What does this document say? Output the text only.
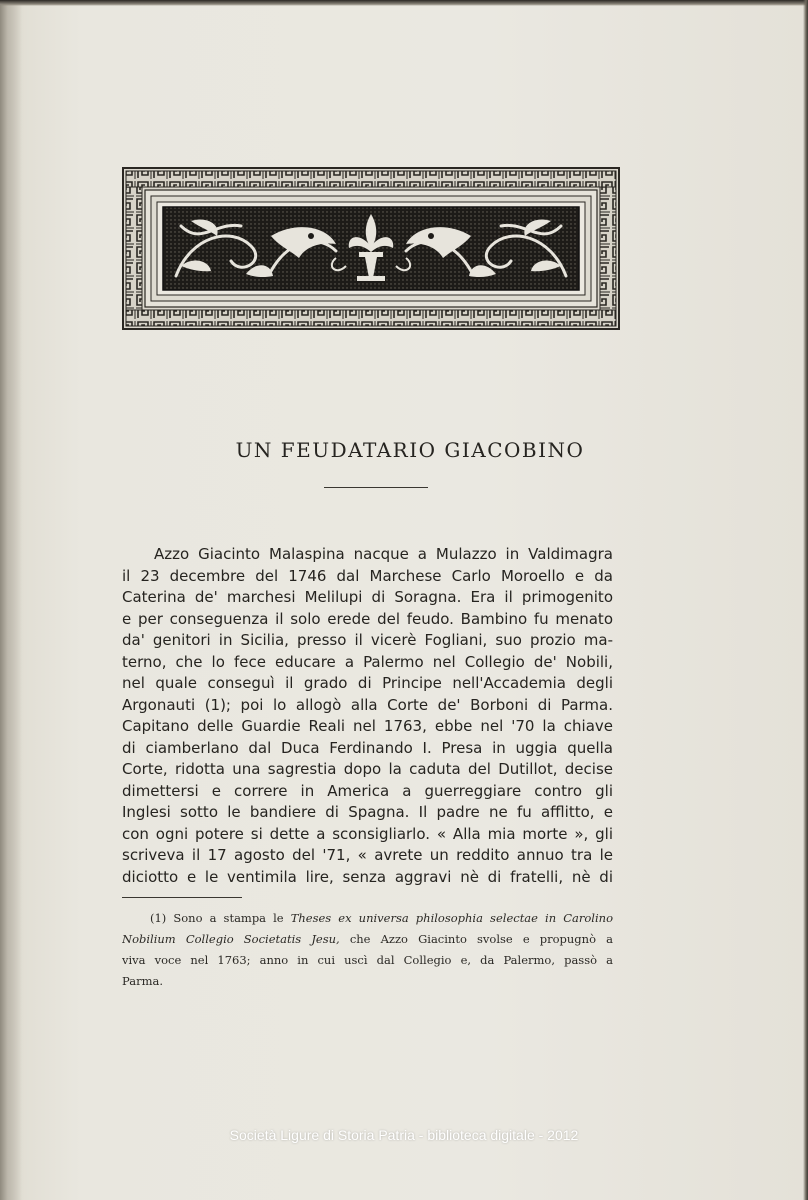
UN FEUDATARIO GIACOBINO
Azzo Giacinto Malaspina nacque a Mulazzo in Valdimagra
il 23 decembre del 1746 dal Marchese Carlo Moroello e da
Caterina de' marchesi Melilupi di Soragna. Era il primogenito
e per conseguenza il solo erede del feudo. Bambino fu menato
da' genitori in Sicilia, presso il vicerè Fogliani, suo prozio ma-
terno, che lo fece educare a Palermo nel Collegio de' Nobili,
nel quale conseguì il grado di Principe nell'Accademia degli
Argonauti (1); poi lo allogò alla Corte de' Borboni di Parma.
Capitano delle Guardie Reali nel 1763, ebbe nel '70 la chiave
di ciamberlano dal Duca Ferdinando I. Presa in uggia quella
Corte, ridotta una sagrestia dopo la caduta del Dutillot, decise
dimettersi e correre in America a guerreggiare contro gli
Inglesi sotto le bandiere di Spagna. Il padre ne fu afflitto, e
con ogni potere si dette a sconsigliarlo. « Alla mia morte », gli
scriveva il 17 agosto del '71, « avrete un reddito annuo tra le
diciotto e le ventimila lire, senza aggravi nè di fratelli, nè di
(1) Sono a stampa le Theses ex universa philosophia selectae in Carolino
Nobilium Collegio Societatis Jesu, che Azzo Giacinto svolse e propugnò a
viva voce nel 1763; anno in cui uscì dal Collegio e, da Palermo, passò a
Parma.
Società Ligure di Storia Patria - biblioteca digitale - 2012
